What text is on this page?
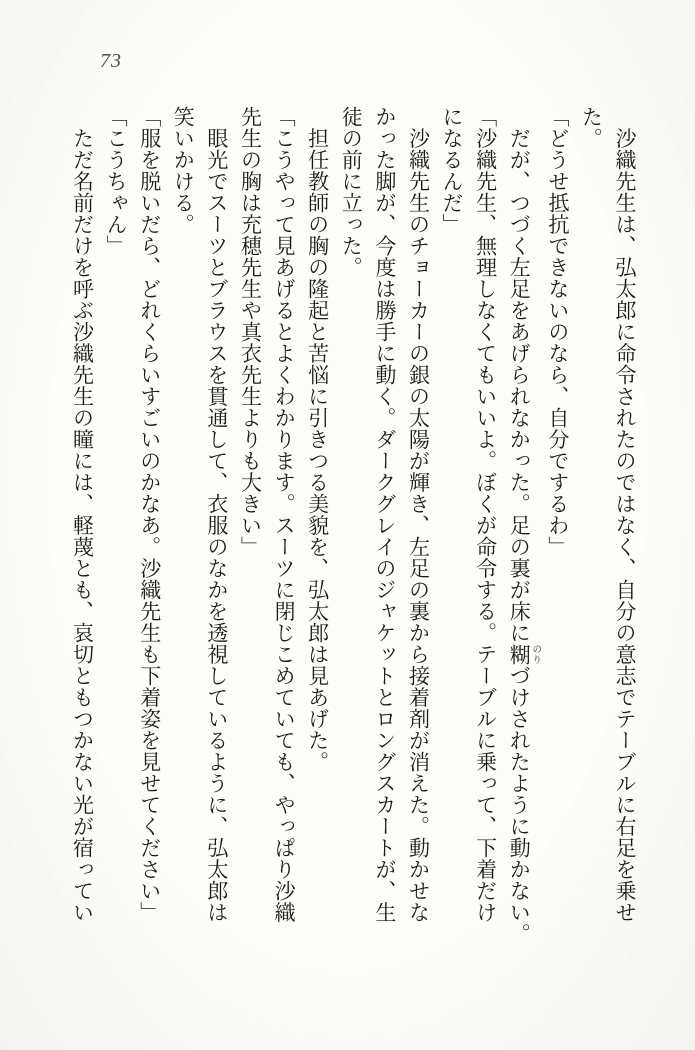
73

　沙織先生は、弘太郎に命令されたのではなく、自分の意志でテーブルに右足を乗せ
た。

「どうせ抵抗できないのなら、自分でするわ」

　だが、つづく左足をあげられなかった。足の裏が床に糊 のりづけされたように動かない。

「沙織先生、無理しなくてもいいよ。ぼくが命令する。テーブルに乗って、下着だけ
になるんだ」

　沙織先生のチョーカーの銀の太陽が輝き、左足の裏から接着剤が消えた。動かせな
かった脚が、今度は勝手に動く。ダークグレイのジャケットとロングスカートが、生
徒の前に立った。

　担任教師の胸の隆起と苦悩に引きつる美貌を、弘太郎は見あげた。

「こうやって見あげるとよくわかります。スーツに閉じこめていても、やっぱり沙織
先生の胸は充穂先生や真衣先生よりも大きい」

　眼光でスーツとブラウスを貫通して、衣服のなかを透視しているように、弘太郎は
笑いかける。

「服を脱いだら、どれくらいすごいのかなあ。沙織先生も下着姿を見せてください」

「こうちゃん」

　ただ名前だけを呼ぶ沙織先生の瞳には、軽蔑とも、哀切ともつかない光が宿ってい
